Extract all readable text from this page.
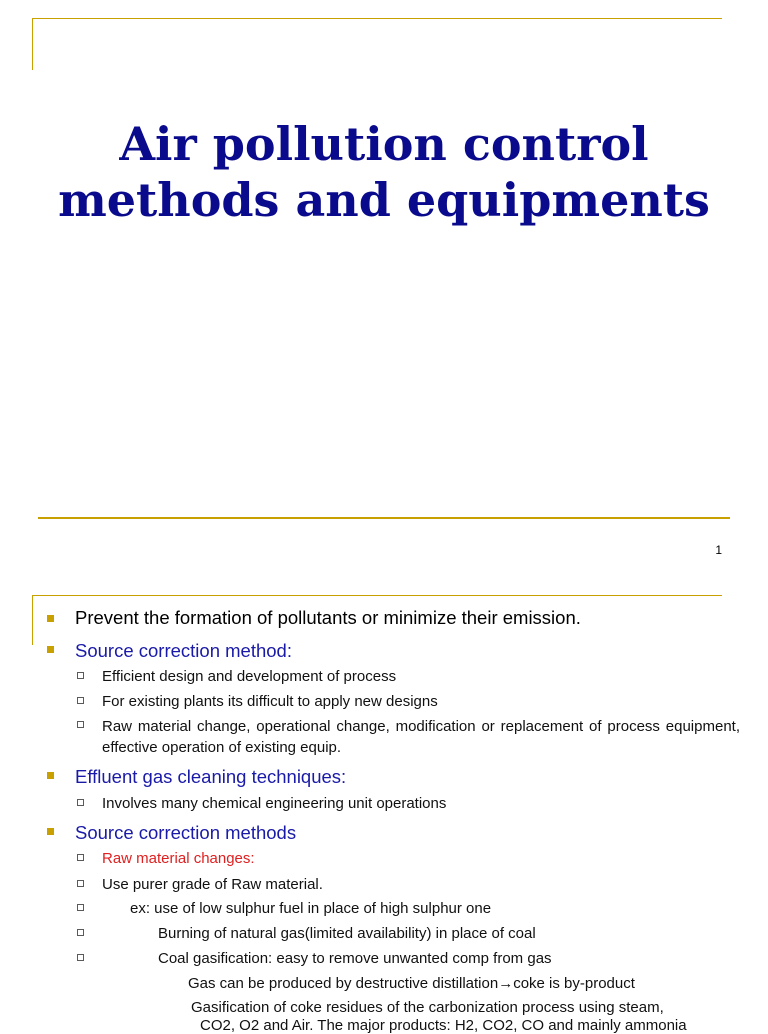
Air pollution control
methods and equipments
1
Prevent the formation of pollutants or minimize their emission.
Source correction method:
Efficient design and development of process
For existing plants its difficult to apply new designs
Raw material change, operational change, modification or replacement of process equipment, effective operation of existing equip.
Effluent gas cleaning techniques:
Involves many chemical engineering unit operations
Source correction methods
Raw material changes:
Use purer grade of Raw material.
ex: use of low sulphur fuel in place of high sulphur one
Burning of natural gas(limited availability) in place of coal
Coal gasification: easy to remove unwanted comp from gas
Gas can be produced by destructive distillation→coke is by-product
Gasification of coke residues of the carbonization process using steam,
CO2, O2 and Air. The major products: H2, CO2, CO and mainly ammonia
